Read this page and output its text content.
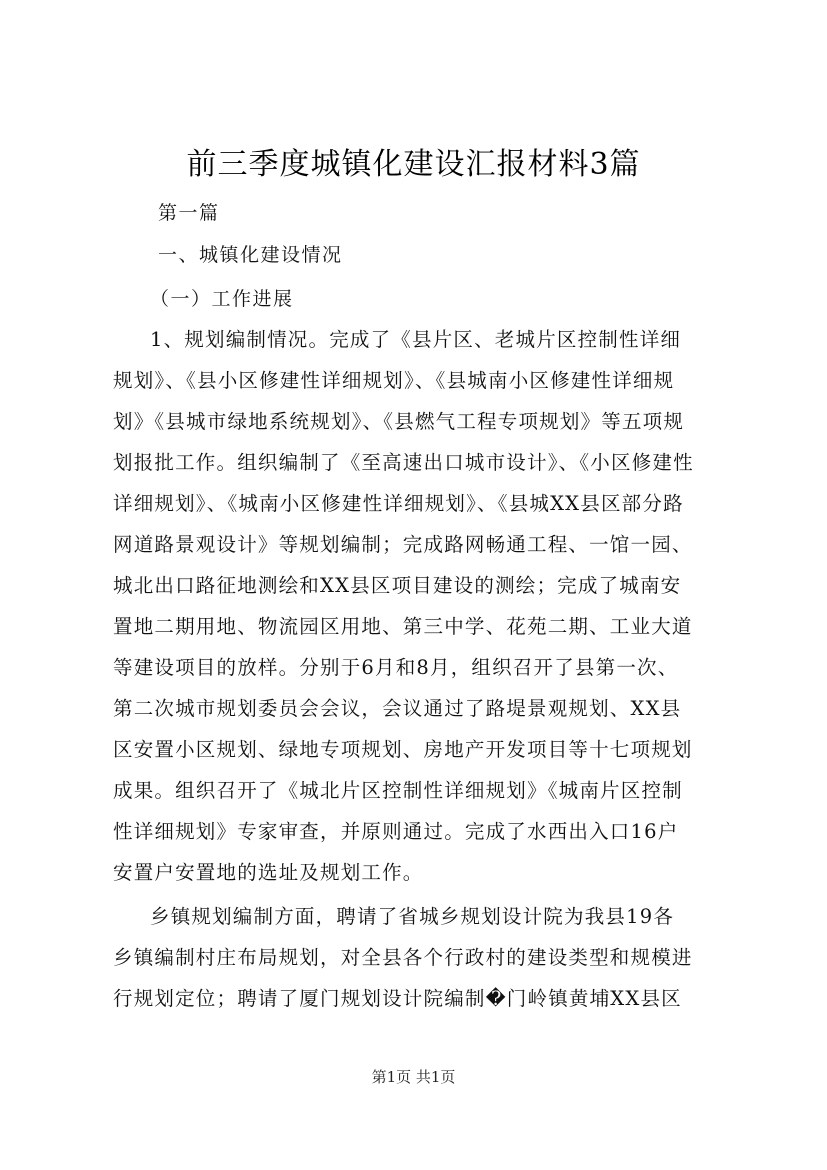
前三季度城镇化建设汇报材料3篇
第一篇
一、城镇化建设情况
（一）工作进展
1、规划编制情况。完成了《县片区、老城片区控制性详细
规划》、《县小区修建性详细规划》、《县城南小区修建性详细规
划》《县城市绿地系统规划》、《县燃气工程专项规划》等五项规
划报批工作。组织编制了《至高速出口城市设计》、《小区修建性
详细规划》、《城南小区修建性详细规划》、《县城XX县区部分路
网道路景观设计》等规划编制；完成路网畅通工程、一馆一园、
城北出口路征地测绘和XX县区项目建设的测绘；完成了城南安
置地二期用地、物流园区用地、第三中学、花苑二期、工业大道
等建设项目的放样。分别于6月和8月，组织召开了县第一次、
第二次城市规划委员会会议，会议通过了路堤景观规划、XX县
区安置小区规划、绿地专项规划、房地产开发项目等十七项规划
成果。组织召开了《城北片区控制性详细规划》《城南片区控制
性详细规划》专家审查，并原则通过。完成了水西出入口16户
安置户安置地的选址及规划工作。
乡镇规划编制方面，聘请了省城乡规划设计院为我县19各
乡镇编制村庄布局规划，对全县各个行政村的建设类型和规模进
行规划定位；聘请了厦门规划设计院编制�门岭镇黄埔XX县区
第1页 共1页
